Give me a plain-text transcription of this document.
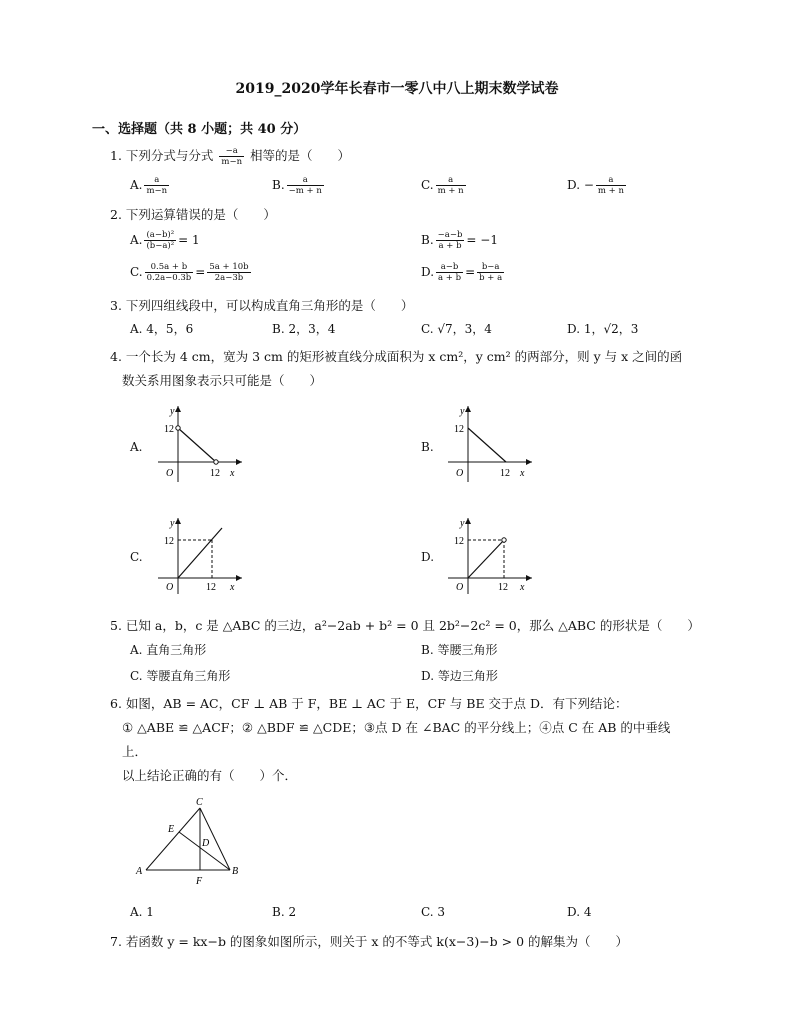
2019_2020学年长春市一零八中八上期末数学试卷
一、选择题（共 8 小题；共 40 分）
1. 下列分式与分式 $\frac{-a}{m-n}$ 相等的是（　　）
A. $\frac{a}{m-n}$	B. $\frac{a}{-m + n}$	C. $\frac{a}{m + n}$	D. − $\frac{a}{m + n}$
2. 下列运算错误的是（　　）
A. $\frac{\text{(a−b)²}}{\text{(b−a)²}} = 1$	B. $\frac{-a-b}{a + b} = -1$
C. $\frac{0.5a + b}{0.2a-0.3b} = \frac{5a + 10b}{2a-3b}$	D. $\frac{a-b}{a + b} = \frac{b-a}{b + a}$
3. 下列四组线段中，可以构成直角三角形的是（　　）
A. 4，5，6	B. 2，3，4	C. √7，3，4	D. 1，√2，3
4. 一个长为 4 cm，宽为 3 cm 的矩形被直线分成面积为 x cm²，y cm² 的两部分，则 y 与 x 之间的函
数关系用图象表示只可能是（　　）
A.	B.
C.	D.
y
12
O	12 x
y
12
O	12 x
y
12
O	12 x
y
12
O	12 x
5. 已知 a，b，c 是 △ABC 的三边，a²−2ab + b² = 0 且 2b²−2c² = 0，那么 △ABC 的形状是（　　）
A. 直角三角形	B. 等腰三角形
C. 等腰直角三角形	D. 等边三角形
6. 如图，AB = AC，CF ⊥ AB 于 F，BE ⊥ AC 于 E，CF 与 BE 交于点 D．有下列结论：
① △ABE ≌ △ACF；② △BDF ≌ △CDE；③点 D 在 ∠BAC 的平分线上；④点 C 在 AB 的中垂线
上．
以上结论正确的有（　　）个．
C
E
D
A
F
B
A. 1	B. 2	C. 3	D. 4
7. 若函数 y = kx−b 的图象如图所示，则关于 x 的不等式 k(x−3)−b > 0 的解集为（　　）
